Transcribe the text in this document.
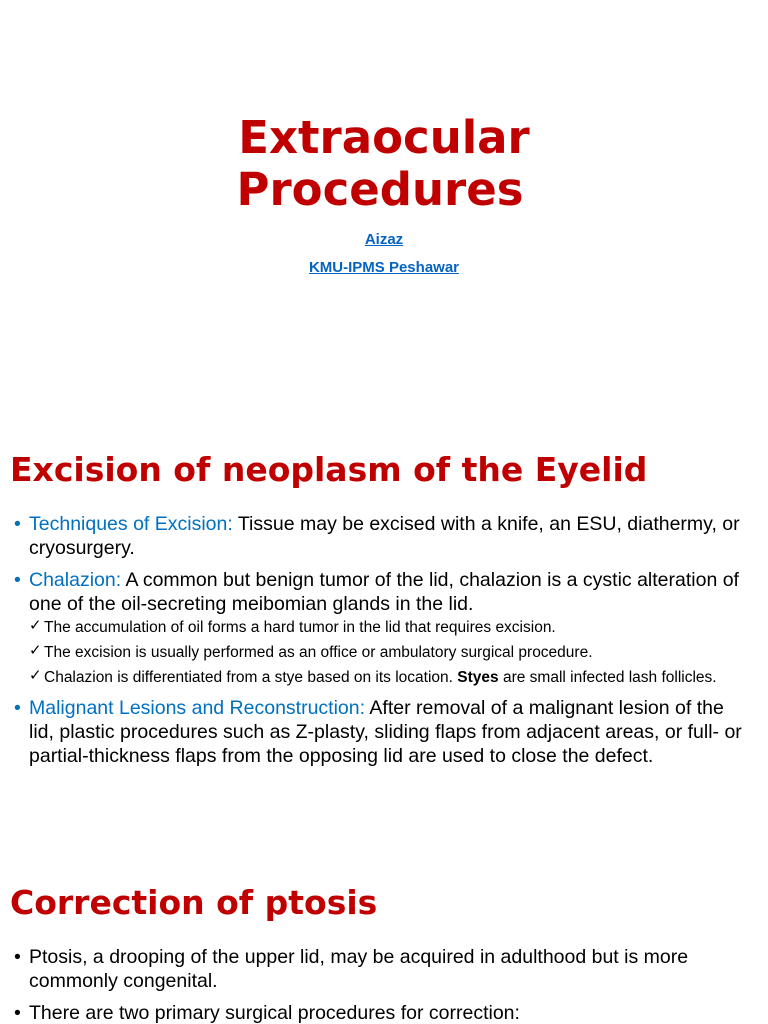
Extraocular
Procedures
Aizaz
KMU-IPMS Peshawar
Excision of neoplasm of the Eyelid
• Techniques of Excision: Tissue may be excised with a knife, an ESU, diathermy, or cryosurgery.
• Chalazion: A common but benign tumor of the lid, chalazion is a cystic alteration of one of the oil-secreting meibomian glands in the lid.
✓ The accumulation of oil forms a hard tumor in the lid that requires excision.
✓ The excision is usually performed as an office or ambulatory surgical procedure.
✓ Chalazion is differentiated from a stye based on its location. Styes are small infected lash follicles.
• Malignant Lesions and Reconstruction: After removal of a malignant lesion of the lid, plastic procedures such as Z-plasty, sliding flaps from adjacent areas, or full- or partial-thickness flaps from the opposing lid are used to close the defect.
Correction of ptosis
• Ptosis, a drooping of the upper lid, may be acquired in adulthood but is more commonly congenital.
• There are two primary surgical procedures for correction:
